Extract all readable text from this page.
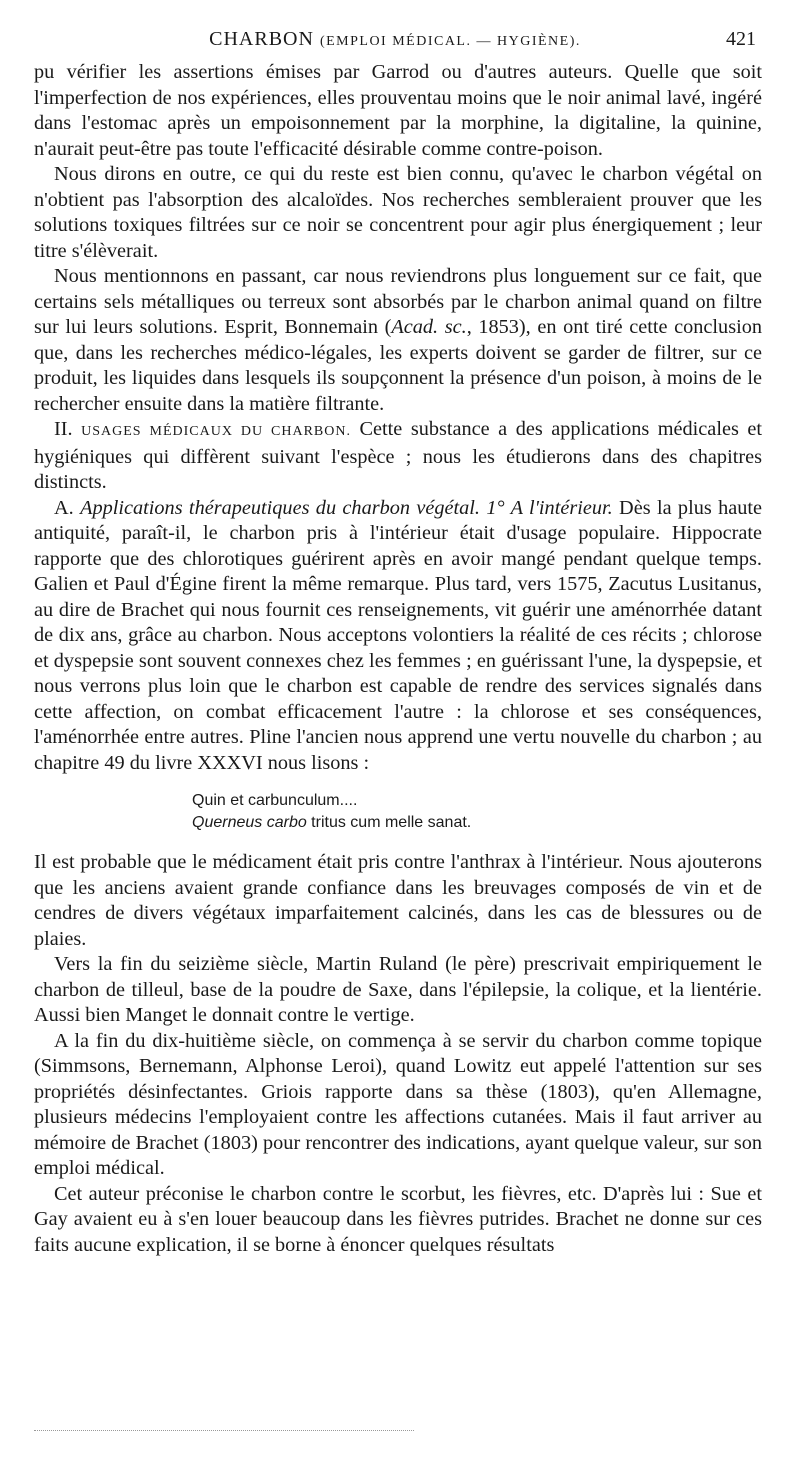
CHARBON (EMPLOI MÉDICAL. — HYGIÈNE).	421

pu vérifier les assertions émises par Garrod ou d'autres auteurs. Quelle que soit l'imperfection de nos expériences, elles prouventau moins que le noir animal lavé, ingéré dans l'estomac après un empoisonnement par la morphine, la digitaline, la quinine, n'aurait peut-être pas toute l'efficacité désirable comme contre-poison.

Nous dirons en outre, ce qui du reste est bien connu, qu'avec le charbon végétal on n'obtient pas l'absorption des alcaloïdes. Nos recherches sembleraient prouver que les solutions toxiques filtrées sur ce noir se concentrent pour agir plus énergiquement ; leur titre s'élèverait.

Nous mentionnons en passant, car nous reviendrons plus longuement sur ce fait, que certains sels métalliques ou terreux sont absorbés par le charbon animal quand on filtre sur lui leurs solutions. Esprit, Bonnemain (Acad. sc., 1853), en ont tiré cette conclusion que, dans les recherches médico-légales, les experts doivent se garder de filtrer, sur ce produit, les liquides dans lesquels ils soupçonnent la présence d'un poison, à moins de le rechercher ensuite dans la matière filtrante.

II. USAGES MÉDICAUX DU CHARBON. Cette substance a des applications médicales et hygiéniques qui diffèrent suivant l'espèce ; nous les étudierons dans des chapitres distincts.

A. Applications thérapeutiques du charbon végétal. 1° A l'intérieur. Dès la plus haute antiquité, paraît-il, le charbon pris à l'intérieur était d'usage populaire. Hippocrate rapporte que des chlorotiques guérirent après en avoir mangé pendant quelque temps. Galien et Paul d'Égine firent la même remarque. Plus tard, vers 1575, Zacutus Lusitanus, au dire de Brachet qui nous fournit ces renseignements, vit guérir une aménorrhée datant de dix ans, grâce au charbon. Nous acceptons volontiers la réalité de ces récits ; chlorose et dyspepsie sont souvent connexes chez les femmes ; en guérissant l'une, la dyspepsie, et nous verrons plus loin que le charbon est capable de rendre des services signalés dans cette affection, on combat efficacement l'autre : la chlorose et ses conséquences, l'aménorrhée entre autres. Pline l'ancien nous apprend une vertu nouvelle du charbon ; au chapitre 49 du livre XXXVI nous lisons :

Quin et carbunculum....
Querneus carbo tritus cum melle sanat.

Il est probable que le médicament était pris contre l'anthrax à l'intérieur. Nous ajouterons que les anciens avaient grande confiance dans les breuvages composés de vin et de cendres de divers végétaux imparfaitement calcinés, dans les cas de blessures ou de plaies.

Vers la fin du seizième siècle, Martin Ruland (le père) prescrivait empiriquement le charbon de tilleul, base de la poudre de Saxe, dans l'épilepsie, la colique, et la lientérie. Aussi bien Manget le donnait contre le vertige.

A la fin du dix-huitième siècle, on commença à se servir du charbon comme topique (Simmsons, Bernemann, Alphonse Leroi), quand Lowitz eut appelé l'attention sur ses propriétés désinfectantes. Griois rapporte dans sa thèse (1803), qu'en Allemagne, plusieurs médecins l'employaient contre les affections cutanées. Mais il faut arriver au mémoire de Brachet (1803) pour rencontrer des indications, ayant quelque valeur, sur son emploi médical.

Cet auteur préconise le charbon contre le scorbut, les fièvres, etc. D'après lui : Sue et Gay avaient eu à s'en louer beaucoup dans les fièvres putrides. Brachet ne donne sur ces faits aucune explication, il se borne à énoncer quelques résultats
